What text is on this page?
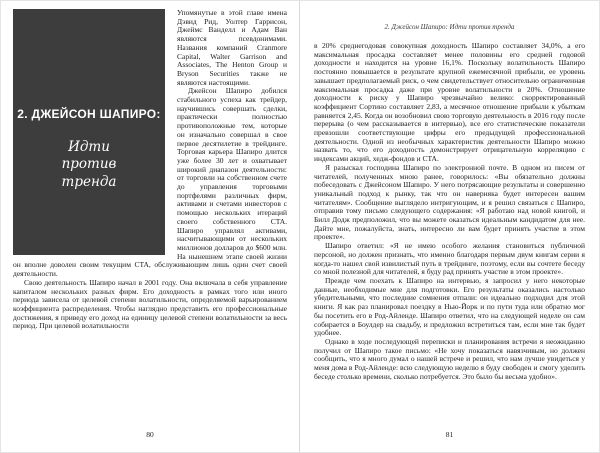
2. ДЖЕЙСОН ШАПИРО:
Идти против тренда

Упомянутые в этой главе имена Дэвид Рид, Уолтер Гаррисон, Джеймс Ванделл и Адам Ван являются псевдонимами. Названия компаний Cranmore Capital, Walter Garrison and Associates, The Henton Group и Bryson Securities также не являются настоящими.

Джейсон Шапиро добился стабильного успеха как трейдер, научившись совершать сделки, практически полностью противоположные тем, которые он изначально совершал в свое первое десятилетие в трейдинге. Торговая карьера Шапиро длится уже более 30 лет и охватывает широкий диапазон деятельности: от торговли на собственном счете до управления торговыми портфелями различных фирм, активами и счетами инвесторов с помощью нескольких итераций своего собственного CTA. Шапиро управлял активами, насчитывающими от нескольких миллионов долларов до $600 млн. На нынешнем этапе своей жизни он вполне доволен своим текущим CTA, обслуживающим лишь один счет своей деятельности.

Свою деятельность Шапиро начал в 2001 году. Она включала в себя управление капиталом нескольких разных фирм. Его доходность в рамках того или иного периода зависела от целевой степени волатильности, определяемой варьированием коэффициента распределения. Чтобы наглядно представить его профессиональные достижения, я приведу его доход на единицу целевой степени волатильности за весь период. При целевой волатильности

80
2. Джейсон Шапиро: Идти против тренда

в 20% среднегодовая совокупная доходность Шапиро составляет 34,0%, а его максимальная просадка составляет менее половины его средней годовой доходности и находится на уровне 16,1%. Поскольку волатильность Шапиро постоянно повышается в результате крупной ежемесячной прибыли, ее уровень завышает предполагаемый риск, о чем свидетельствует относительно ограниченная максимальная просадка даже при уровне волатильности в 20%. Отношение доходности к риску у Шапиро чрезвычайно велико: скорректированный коэффициент Сортино составляет 2,83, а месячное отношение прибыли к убыткам равняется 2,45. Когда он возобновил свою торговую деятельность в 2016 году после перерыва (о чем рассказывается в интервью), все его статистические показатели превзошли соответствующие цифры его предыдущей профессиональной деятельности. Одной из необычных характеристик деятельности Шапиро можно назвать то, что его доходность демонстрирует отрицательную корреляцию с индексами акций, хедж-фондов и CTA.

Я разыскал господина Шапиро по электронной почте. В одном из писем от читателей, полученных мною ранее, говорилось: «Вы обязательно должны побеседовать с Джейсоном Шапиро. У него потрясающие результаты и совершенно уникальный подход к рынку, так что он наверняка будет интересен вашим читателям». Сообщение выглядело интригующим, и я решил связаться с Шапиро, отправив тому письмо следующего содержания: «Я работаю над новой книгой, и Билл Додж предположил, что вы можете оказаться идеальным кандидатом для нее. Дайте мне, пожалуйста, знать, интересно ли вам будет принять участие в этом проекте».

Шапиро ответил: «Я не имею особого желания становиться публичной персоной, но должен признать, что именно благодаря первым двум книгам серии я когда-то нашел свой извилистый путь в трейдинге, поэтому, если вы сочтете беседу со мной полезной для читателей, я буду рад принять участие в этом проекте».

Прежде чем поехать к Шапиро на интервью, я запросил у него некоторые данные, необходимые мне для подготовки. Его результаты оказались настолько убедительными, что последние сомнения отпали: он идеально подходил для этой книги. Я как раз планировал поездку в Нью-Йорк и по пути туда или обратно мог бы посетить его в Род-Айленде. Шапиро ответил, что на следующей неделе он сам собирается в Боулдер на свадьбу, и предложил встретиться там, если мне так будет удобнее.

Однако в ходе последующей переписки и планирования встречи я неожиданно получил от Шапиро такое письмо: «Не хочу показаться навязчивым, но должен сообщить, что я много думал о нашей встрече и решил, что нам лучше увидеться у меня дома в Род-Айленде: всю следующую неделю я буду свободен и смогу уделить беседе столько времени, сколько потребуется. Это было бы весьма удобно».

81
